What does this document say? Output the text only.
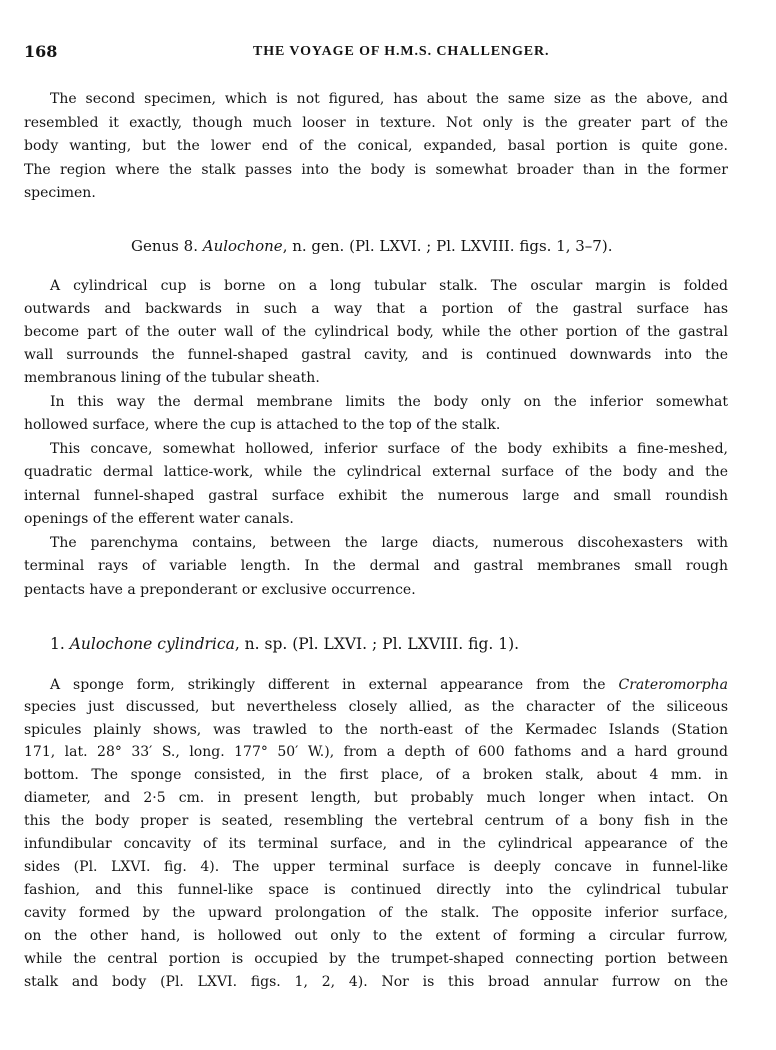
168	THE VOYAGE OF H.M.S. CHALLENGER.
The second specimen, which is not figured, has about the same size as the above, and
resembled it exactly, though much looser in texture. Not only is the greater part of the
body wanting, but the lower end of the conical, expanded, basal portion is quite gone.
The region where the stalk passes into the body is somewhat broader than in the former
specimen.
Genus 8. Aulochone, n. gen. (Pl. LXVI. ; Pl. LXVIII. figs. 1, 3–7).
A cylindrical cup is borne on a long tubular stalk. The oscular margin is folded
outwards and backwards in such a way that a portion of the gastral surface has
become part of the outer wall of the cylindrical body, while the other portion of the gastral
wall surrounds the funnel-shaped gastral cavity, and is continued downwards into the
membranous lining of the tubular sheath.
In this way the dermal membrane limits the body only on the inferior somewhat
hollowed surface, where the cup is attached to the top of the stalk.
This concave, somewhat hollowed, inferior surface of the body exhibits a fine-meshed,
quadratic dermal lattice-work, while the cylindrical external surface of the body and the
internal funnel-shaped gastral surface exhibit the numerous large and small roundish
openings of the efferent water canals.
The parenchyma contains, between the large diacts, numerous discohexasters with
terminal rays of variable length. In the dermal and gastral membranes small rough
pentacts have a preponderant or exclusive occurrence.
1. Aulochone cylindrica, n. sp. (Pl. LXVI. ; Pl. LXVIII. fig. 1).
A sponge form, strikingly different in external appearance from the Crateromorpha
species just discussed, but nevertheless closely allied, as the character of the siliceous
spicules plainly shows, was trawled to the north-east of the Kermadec Islands (Station
171, lat. 28° 33′ S., long. 177° 50′ W.), from a depth of 600 fathoms and a hard ground
bottom. The sponge consisted, in the first place, of a broken stalk, about 4 mm. in
diameter, and 2·5 cm. in present length, but probably much longer when intact. On
this the body proper is seated, resembling the vertebral centrum of a bony fish in the
infundibular concavity of its terminal surface, and in the cylindrical appearance of the
sides (Pl. LXVI. fig. 4). The upper terminal surface is deeply concave in funnel-like
fashion, and this funnel-like space is continued directly into the cylindrical tubular
cavity formed by the upward prolongation of the stalk. The opposite inferior surface,
on the other hand, is hollowed out only to the extent of forming a circular furrow,
while the central portion is occupied by the trumpet-shaped connecting portion between
stalk and body (Pl. LXVI. figs. 1, 2, 4). Nor is this broad annular furrow on the
